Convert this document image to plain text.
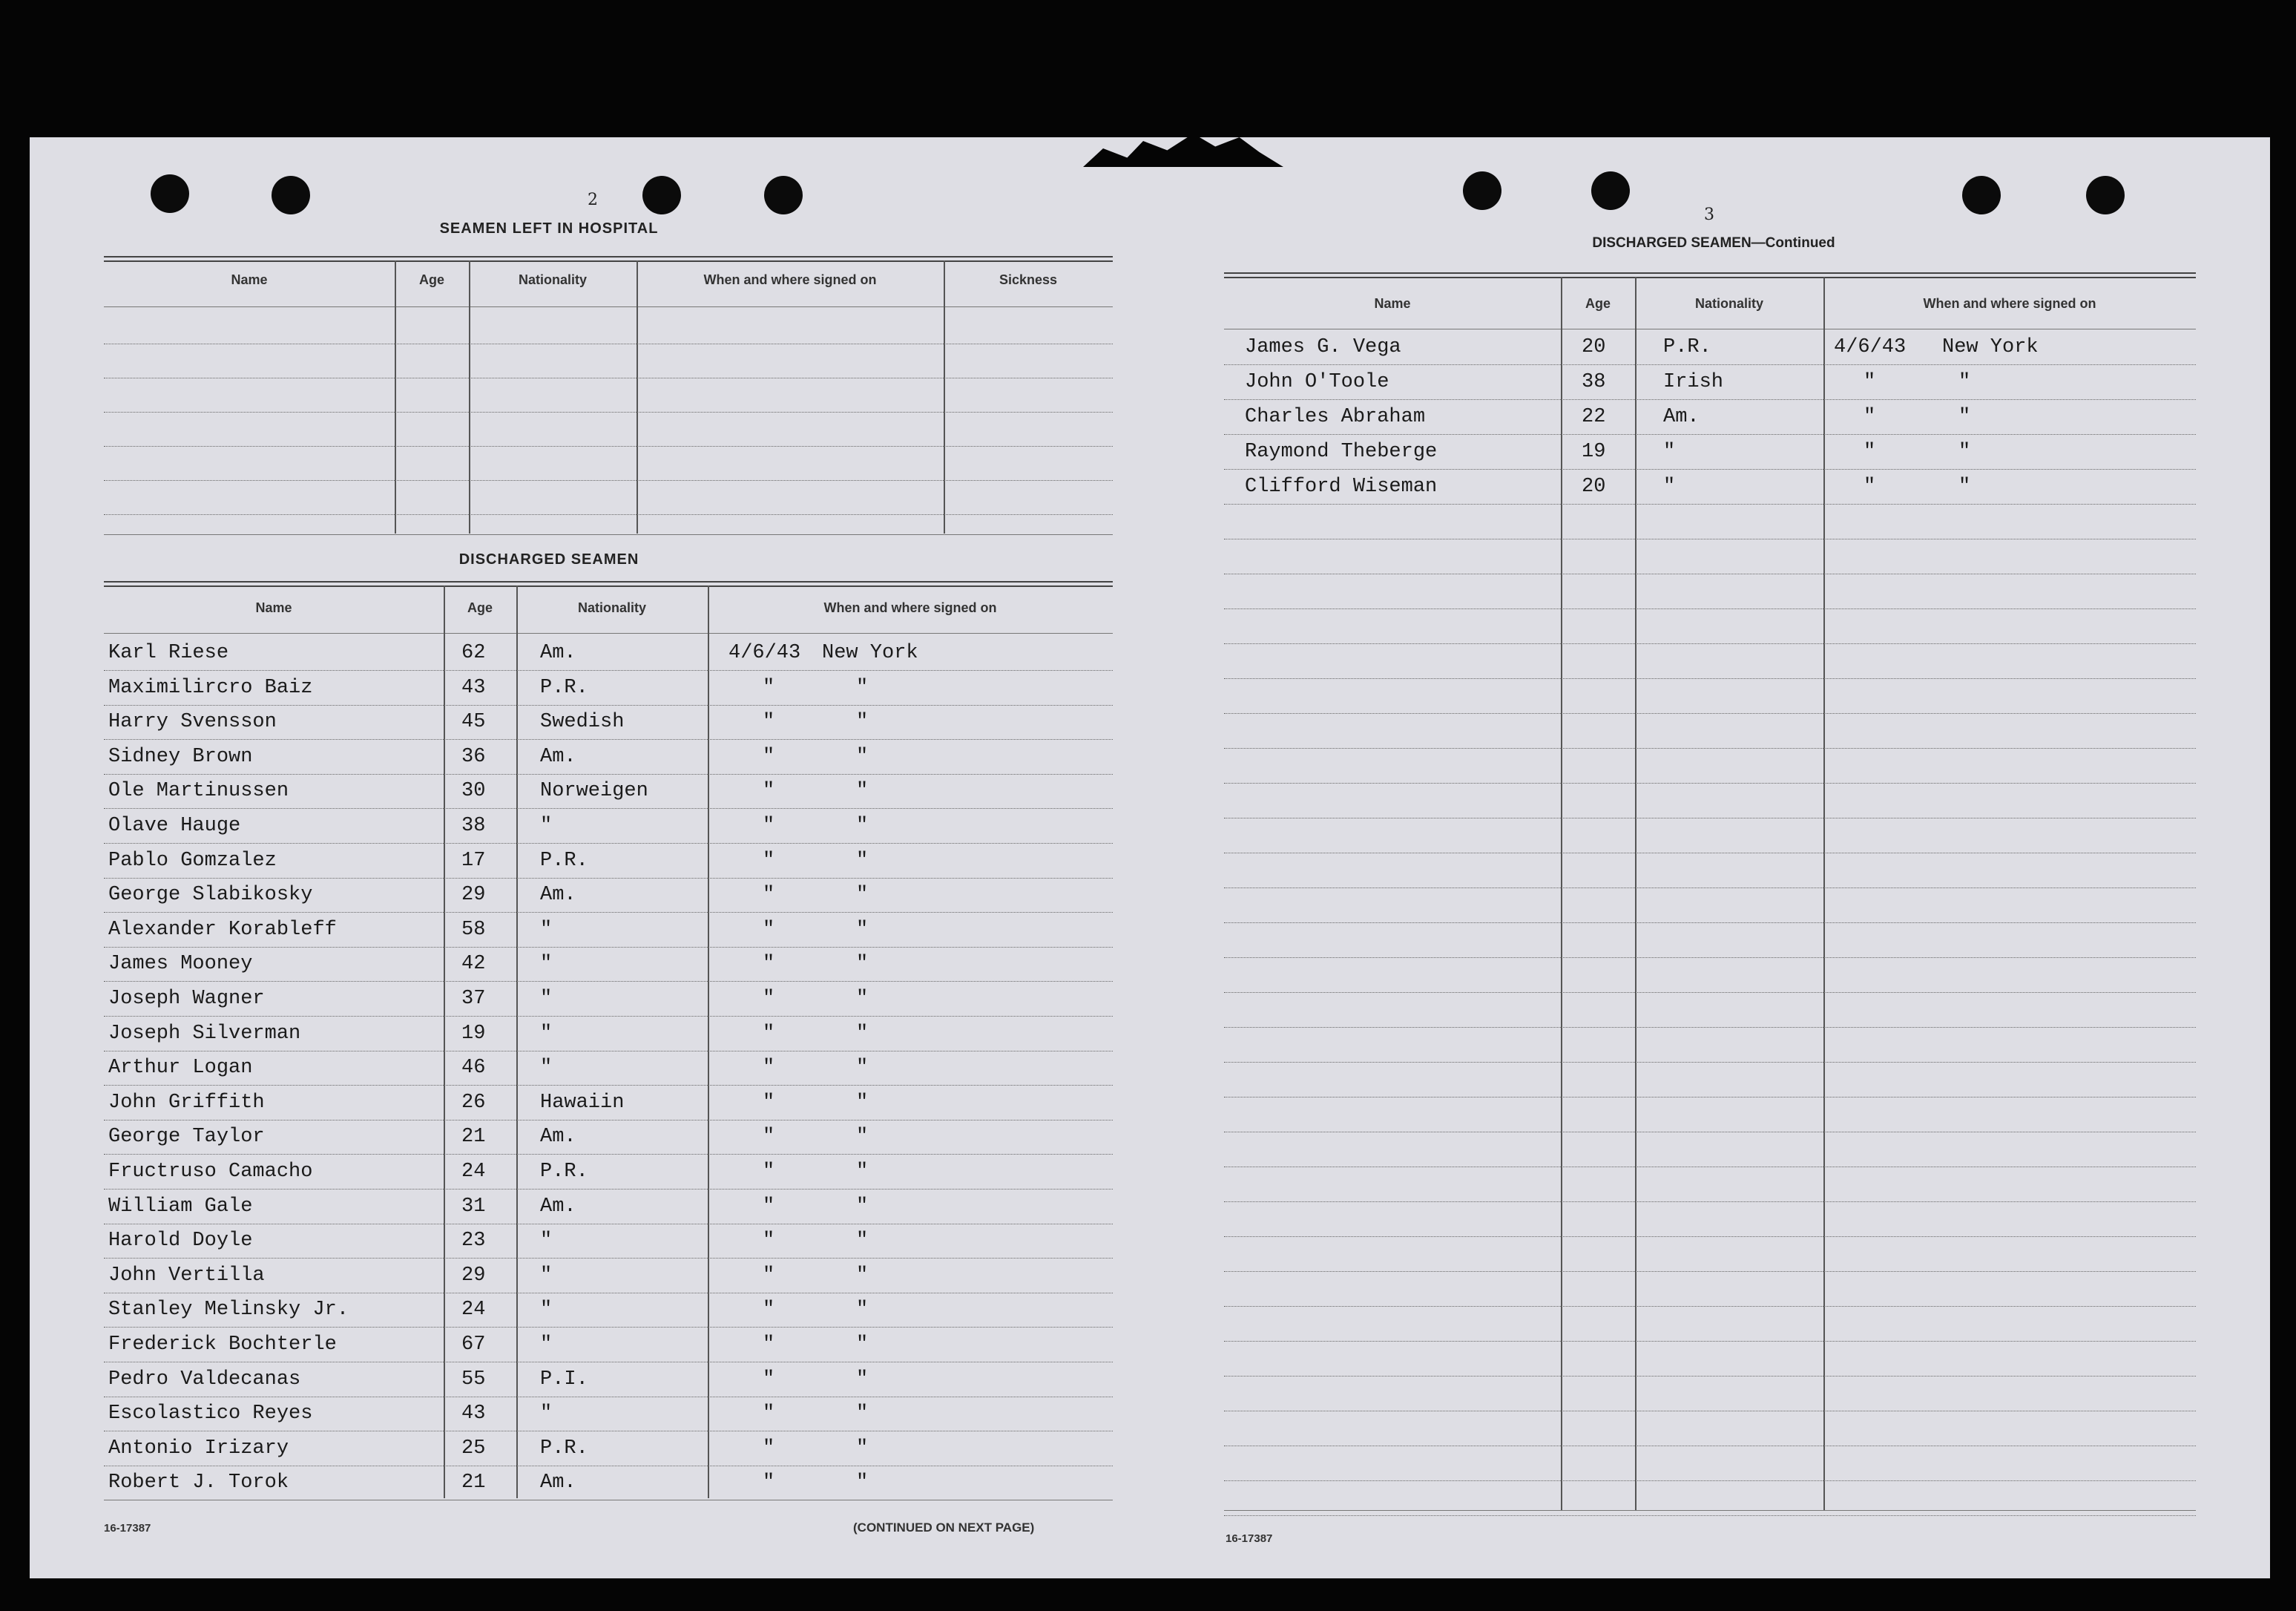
2
SEAMEN LEFT IN HOSPITAL
Name	Age	Nationality	When and where signed on	Sickness
DISCHARGED SEAMEN
Name	Age	Nationality	When and where signed on
Karl Riese	62	Am.	4/6/43 New York
Maximilircro Baiz	43	P.R.	"	"
Harry Svensson	45	Swedish	"	"
Sidney Brown	36	Am.	"	"
Ole Martinussen	30	Norweigen	"	"
Olave Hauge	38	"	"	"
Pablo Gomzalez	17	P.R.	"	"
George Slabikosky	29	Am.	"	"
Alexander Korableff	58	"	"	"
James Mooney	42	"	"	"
Joseph Wagner	37	"	"	"
Joseph Silverman	19	"	"	"
Arthur Logan	46	"	"	"
John Griffith	26	Hawaiin	"	"
George Taylor	21	Am.	"	"
Fructruso Camacho	24	P.R.	"	"
William Gale	31	Am.	"	"
Harold Doyle	23	"	"	"
John Vertilla	29	"	"	"
Stanley Melinsky Jr.	24	"	"	"
Frederick Bochterle	67	"	"	"
Pedro Valdecanas	55	P.I.	"	"
Escolastico Reyes	43	"	"	"
Antonio Irizary	25	P.R.	"	"
Robert J. Torok	21	Am.	"	"
16-17387	(CONTINUED ON NEXT PAGE)
3
DISCHARGED SEAMEN—Continued
Name	Age	Nationality	When and where signed on
James G. Vega	20	P.R.	4/6/43 New York
John O'Toole	38	Irish	"	"
Charles Abraham	22	Am.	"	"
Raymond Theberge	19	"	"	"
Clifford Wiseman	20	"	"	"
16-17387
